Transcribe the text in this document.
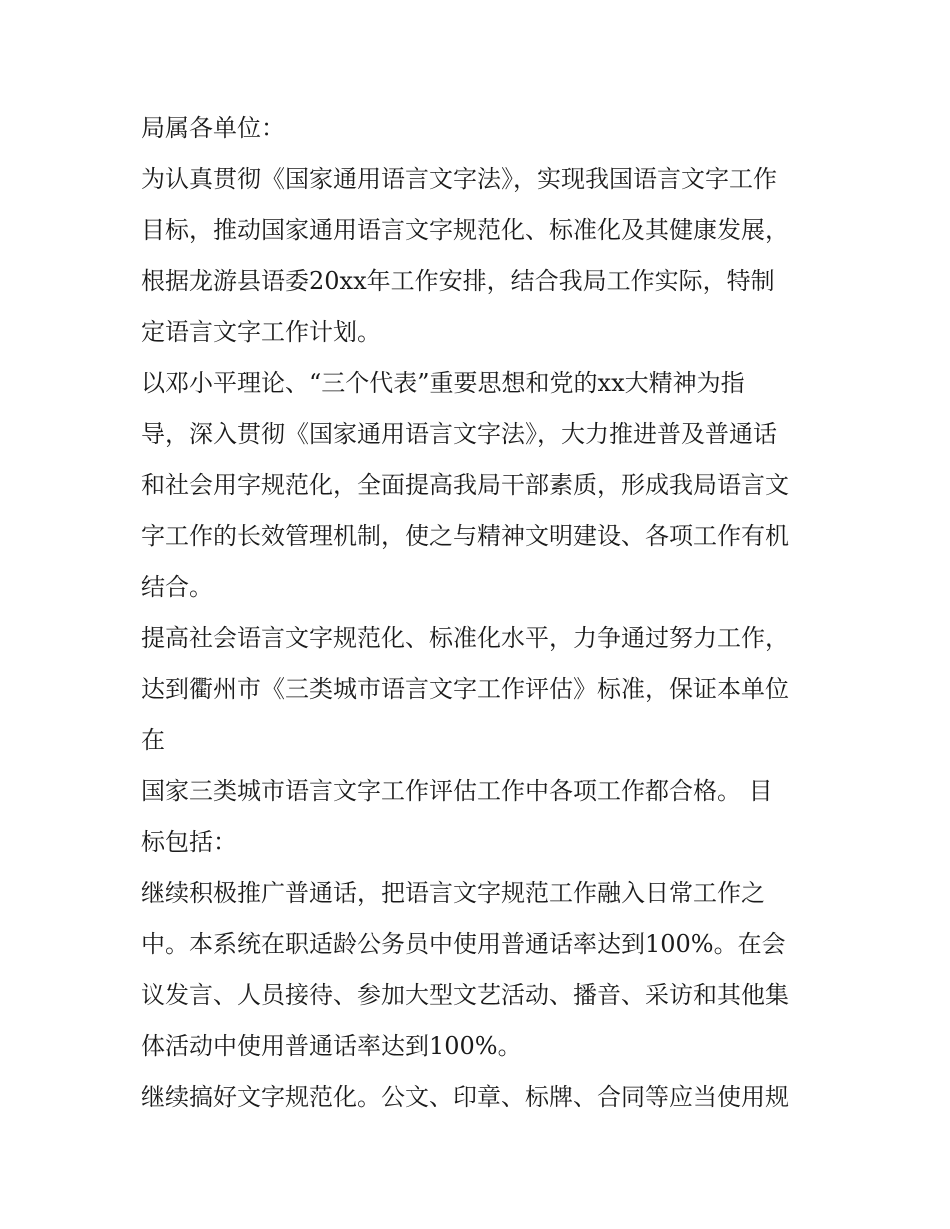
局属各单位：

为认真贯彻《国家通用语言文字法》，实现我国语言文字工作
目标，推动国家通用语言文字规范化、标准化及其健康发展，
根据龙游县语委20xx年工作安排，结合我局工作实际，特制
定语言文字工作计划。

以邓小平理论、“三个代表”重要思想和党的xx大精神为指
导，深入贯彻《国家通用语言文字法》，大力推进普及普通话
和社会用字规范化，全面提高我局干部素质，形成我局语言文
字工作的长效管理机制，使之与精神文明建设、各项工作有机
结合。

提高社会语言文字规范化、标准化水平，力争通过努力工作，
达到衢州市《三类城市语言文字工作评估》标准，保证本单位
在

国家三类城市语言文字工作评估工作中各项工作都合格。 目
标包括：

继续积极推广普通话，把语言文字规范工作融入日常工作之
中。本系统在职适龄公务员中使用普通话率达到100%。在会
议发言、人员接待、参加大型文艺活动、播音、采访和其他集
体活动中使用普通话率达到100%。

继续搞好文字规范化。公文、印章、标牌、合同等应当使用规
